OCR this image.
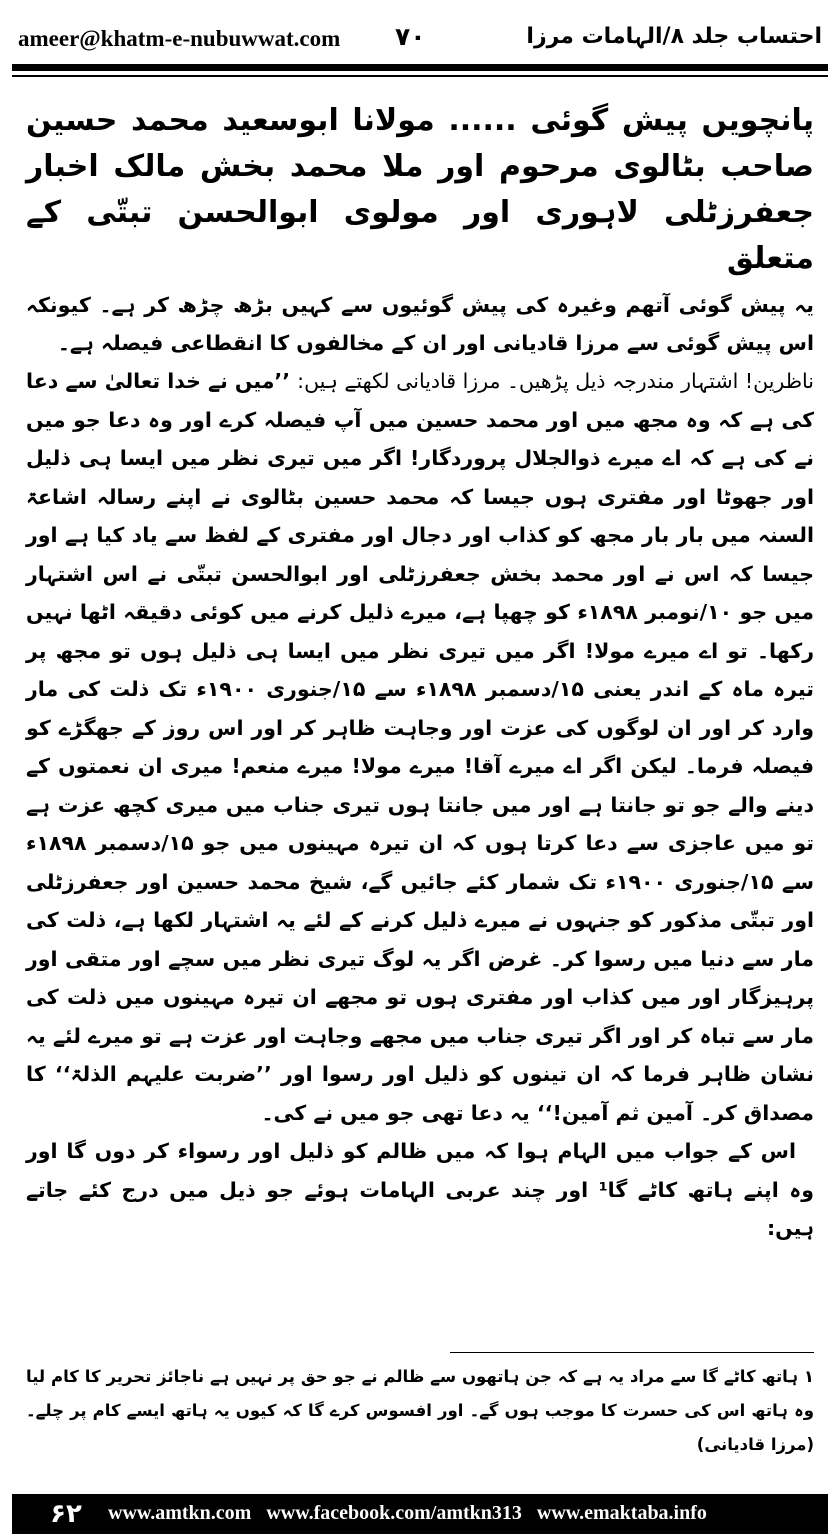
ameer@khatm-e-nubuwwat.com ۷۰	احتساب جلد ۸/الہامات مرزا

پانچویں پیش گوئی ...... مولانا ابوسعید محمد حسین صاحب بٹالوی مرحوم اور ملا محمد بخش مالک اخبار جعفرزٹلی لاہوری اور مولوی ابوالحسن تبتّی کے متعلق

یہ پیش گوئی آتھم وغیرہ کی پیش گوئیوں سے کہیں بڑھ چڑھ کر ہے۔ کیونکہ اس پیش گوئی سے مرزا قادیانی اور ان کے مخالفوں کا انقطاعی فیصلہ ہے۔

ناظرین! اشتہار مندرجہ ذیل پڑھیں۔ مرزا قادیانی لکھتے ہیں: ’’میں نے خدا تعالیٰ سے دعا کی ہے کہ وہ مجھ میں اور محمد حسین میں آپ فیصلہ کرے اور وہ دعا جو میں نے کی ہے کہ اے میرے ذوالجلال پروردگار! اگر میں تیری نظر میں ایسا ہی ذلیل اور جھوٹا اور مفتری ہوں جیسا کہ محمد حسین بٹالوی نے اپنے رسالہ اشاعۃ السنہ میں بار بار مجھ کو کذاب اور دجال اور مفتری کے لفظ سے یاد کیا ہے اور جیسا کہ اس نے اور محمد بخش جعفرزٹلی اور ابوالحسن تبتّی نے اس اشتہار میں جو ۱۰/نومبر ۱۸۹۸ء کو چھپا ہے، میرے ذلیل کرنے میں کوئی دقیقہ اٹھا نہیں رکھا۔ تو اے میرے مولا! اگر میں تیری نظر میں ایسا ہی ذلیل ہوں تو مجھ پر تیرہ ماہ کے اندر یعنی ۱۵/دسمبر ۱۸۹۸ء سے ۱۵/جنوری ۱۹۰۰ء تک ذلت کی مار وارد کر اور ان لوگوں کی عزت اور وجاہت ظاہر کر اور اس روز کے جھگڑے کو فیصلہ فرما۔ لیکن اگر اے میرے آقا! میرے مولا! میرے منعم! میری ان نعمتوں کے دینے والے جو تو جانتا ہے اور میں جانتا ہوں تیری جناب میں میری کچھ عزت ہے تو میں عاجزی سے دعا کرتا ہوں کہ ان تیرہ مہینوں میں جو ۱۵/دسمبر ۱۸۹۸ء سے ۱۵/جنوری ۱۹۰۰ء تک شمار کئے جائیں گے، شیخ محمد حسین اور جعفرزٹلی اور تبتّی مذکور کو جنہوں نے میرے ذلیل کرنے کے لئے یہ اشتہار لکھا ہے، ذلت کی مار سے دنیا میں رسوا کر۔ غرض اگر یہ لوگ تیری نظر میں سچے اور متقی اور پرہیزگار اور میں کذاب اور مفتری ہوں تو مجھے ان تیرہ مہینوں میں ذلت کی مار سے تباہ کر اور اگر تیری جناب میں مجھے وجاہت اور عزت ہے تو میرے لئے یہ نشان ظاہر فرما کہ ان تینوں کو ذلیل اور رسوا اور ’’ضربت علیہم الذلۃ‘‘ کا مصداق کر۔ آمین ثم آمین!‘‘ یہ دعا تھی جو میں نے کی۔

اس کے جواب میں الہام ہوا کہ میں ظالم کو ذلیل اور رسواء کر دوں گا اور وہ اپنے ہاتھ کاٹے گا¹ اور چند عربی الہامات ہوئے جو ذیل میں درج کئے جاتے ہیں:

۱ ہاتھ کاٹے گا سے مراد یہ ہے کہ جن ہاتھوں سے ظالم نے جو حق پر نہیں ہے ناجائز تحریر کا کام لیا وہ ہاتھ اس کی حسرت کا موجب ہوں گے۔ اور افسوس کرے گا کہ کیوں یہ ہاتھ ایسے کام پر چلے۔ (مرزا قادیانی)
۶۲	www.amtkn.com www.facebook.com/amtkn313 www.emaktaba.info
